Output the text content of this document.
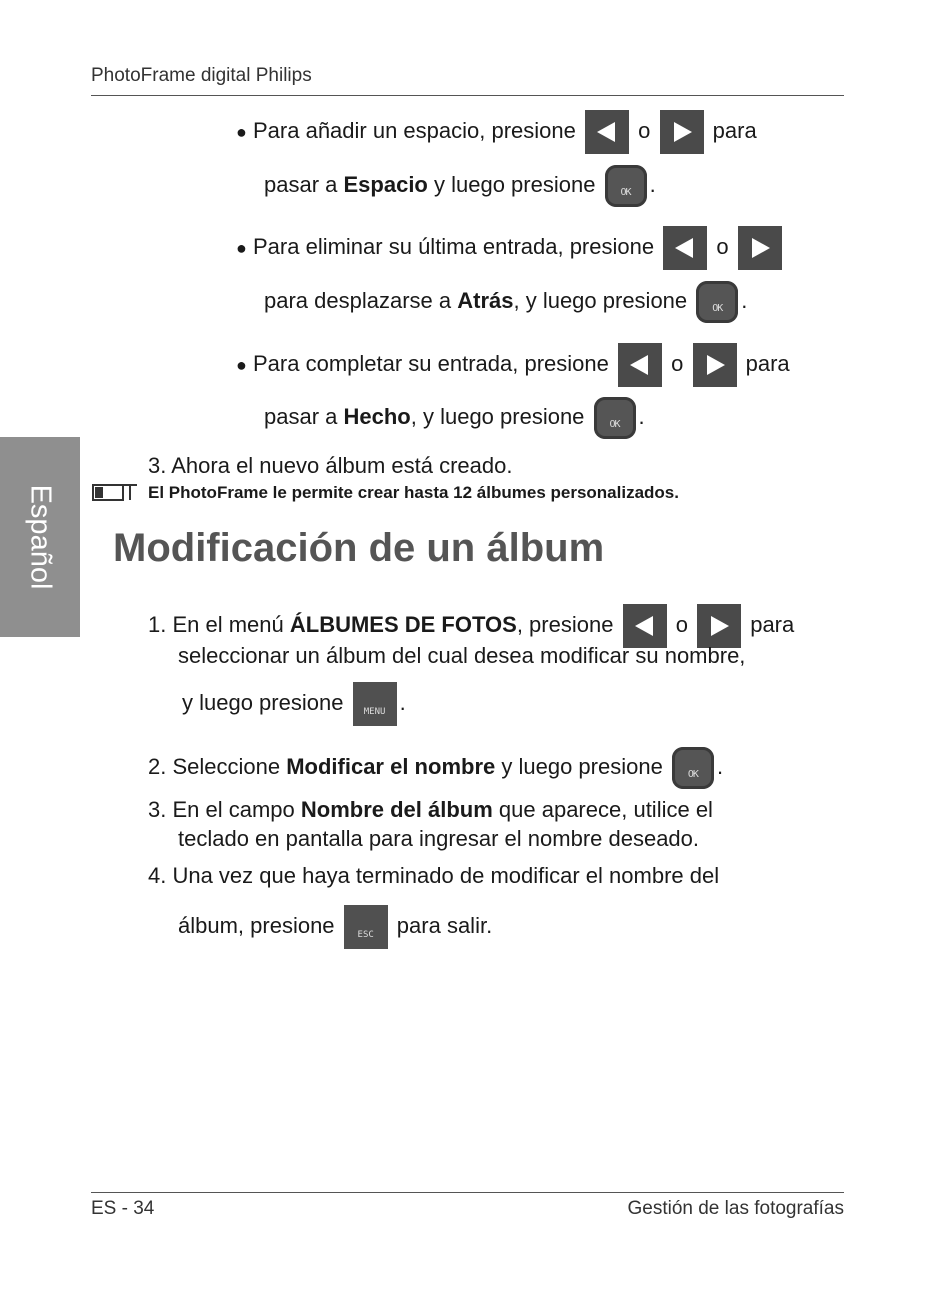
PhotoFrame digital Philips
Español
● Para añadir un espacio, presione	o	para
pasar a Espacio y luego presione	OK .
● Para eliminar su última entrada, presione	o
para desplazarse a Atrás, y luego presione	OK .
● Para completar su entrada, presione	o	para
pasar a Hecho, y luego presione	OK .
3. Ahora el nuevo álbum está creado.
El PhotoFrame le permite crear hasta 12 álbumes personalizados.
Modificación de un álbum
1. En el menú ÁLBUMES DE FOTOS, presione	o	para
seleccionar un álbum del cual desea modificar su nombre,
y luego presione	MENU .
2. Seleccione Modificar el nombre y luego presione	OK .
3. En el campo Nombre del álbum que aparece, utilice el
teclado en pantalla para ingresar el nombre deseado.
4. Una vez que haya terminado de modificar el nombre del
álbum, presione	ESC	para salir.
ES - 34	Gestión de las fotografías
